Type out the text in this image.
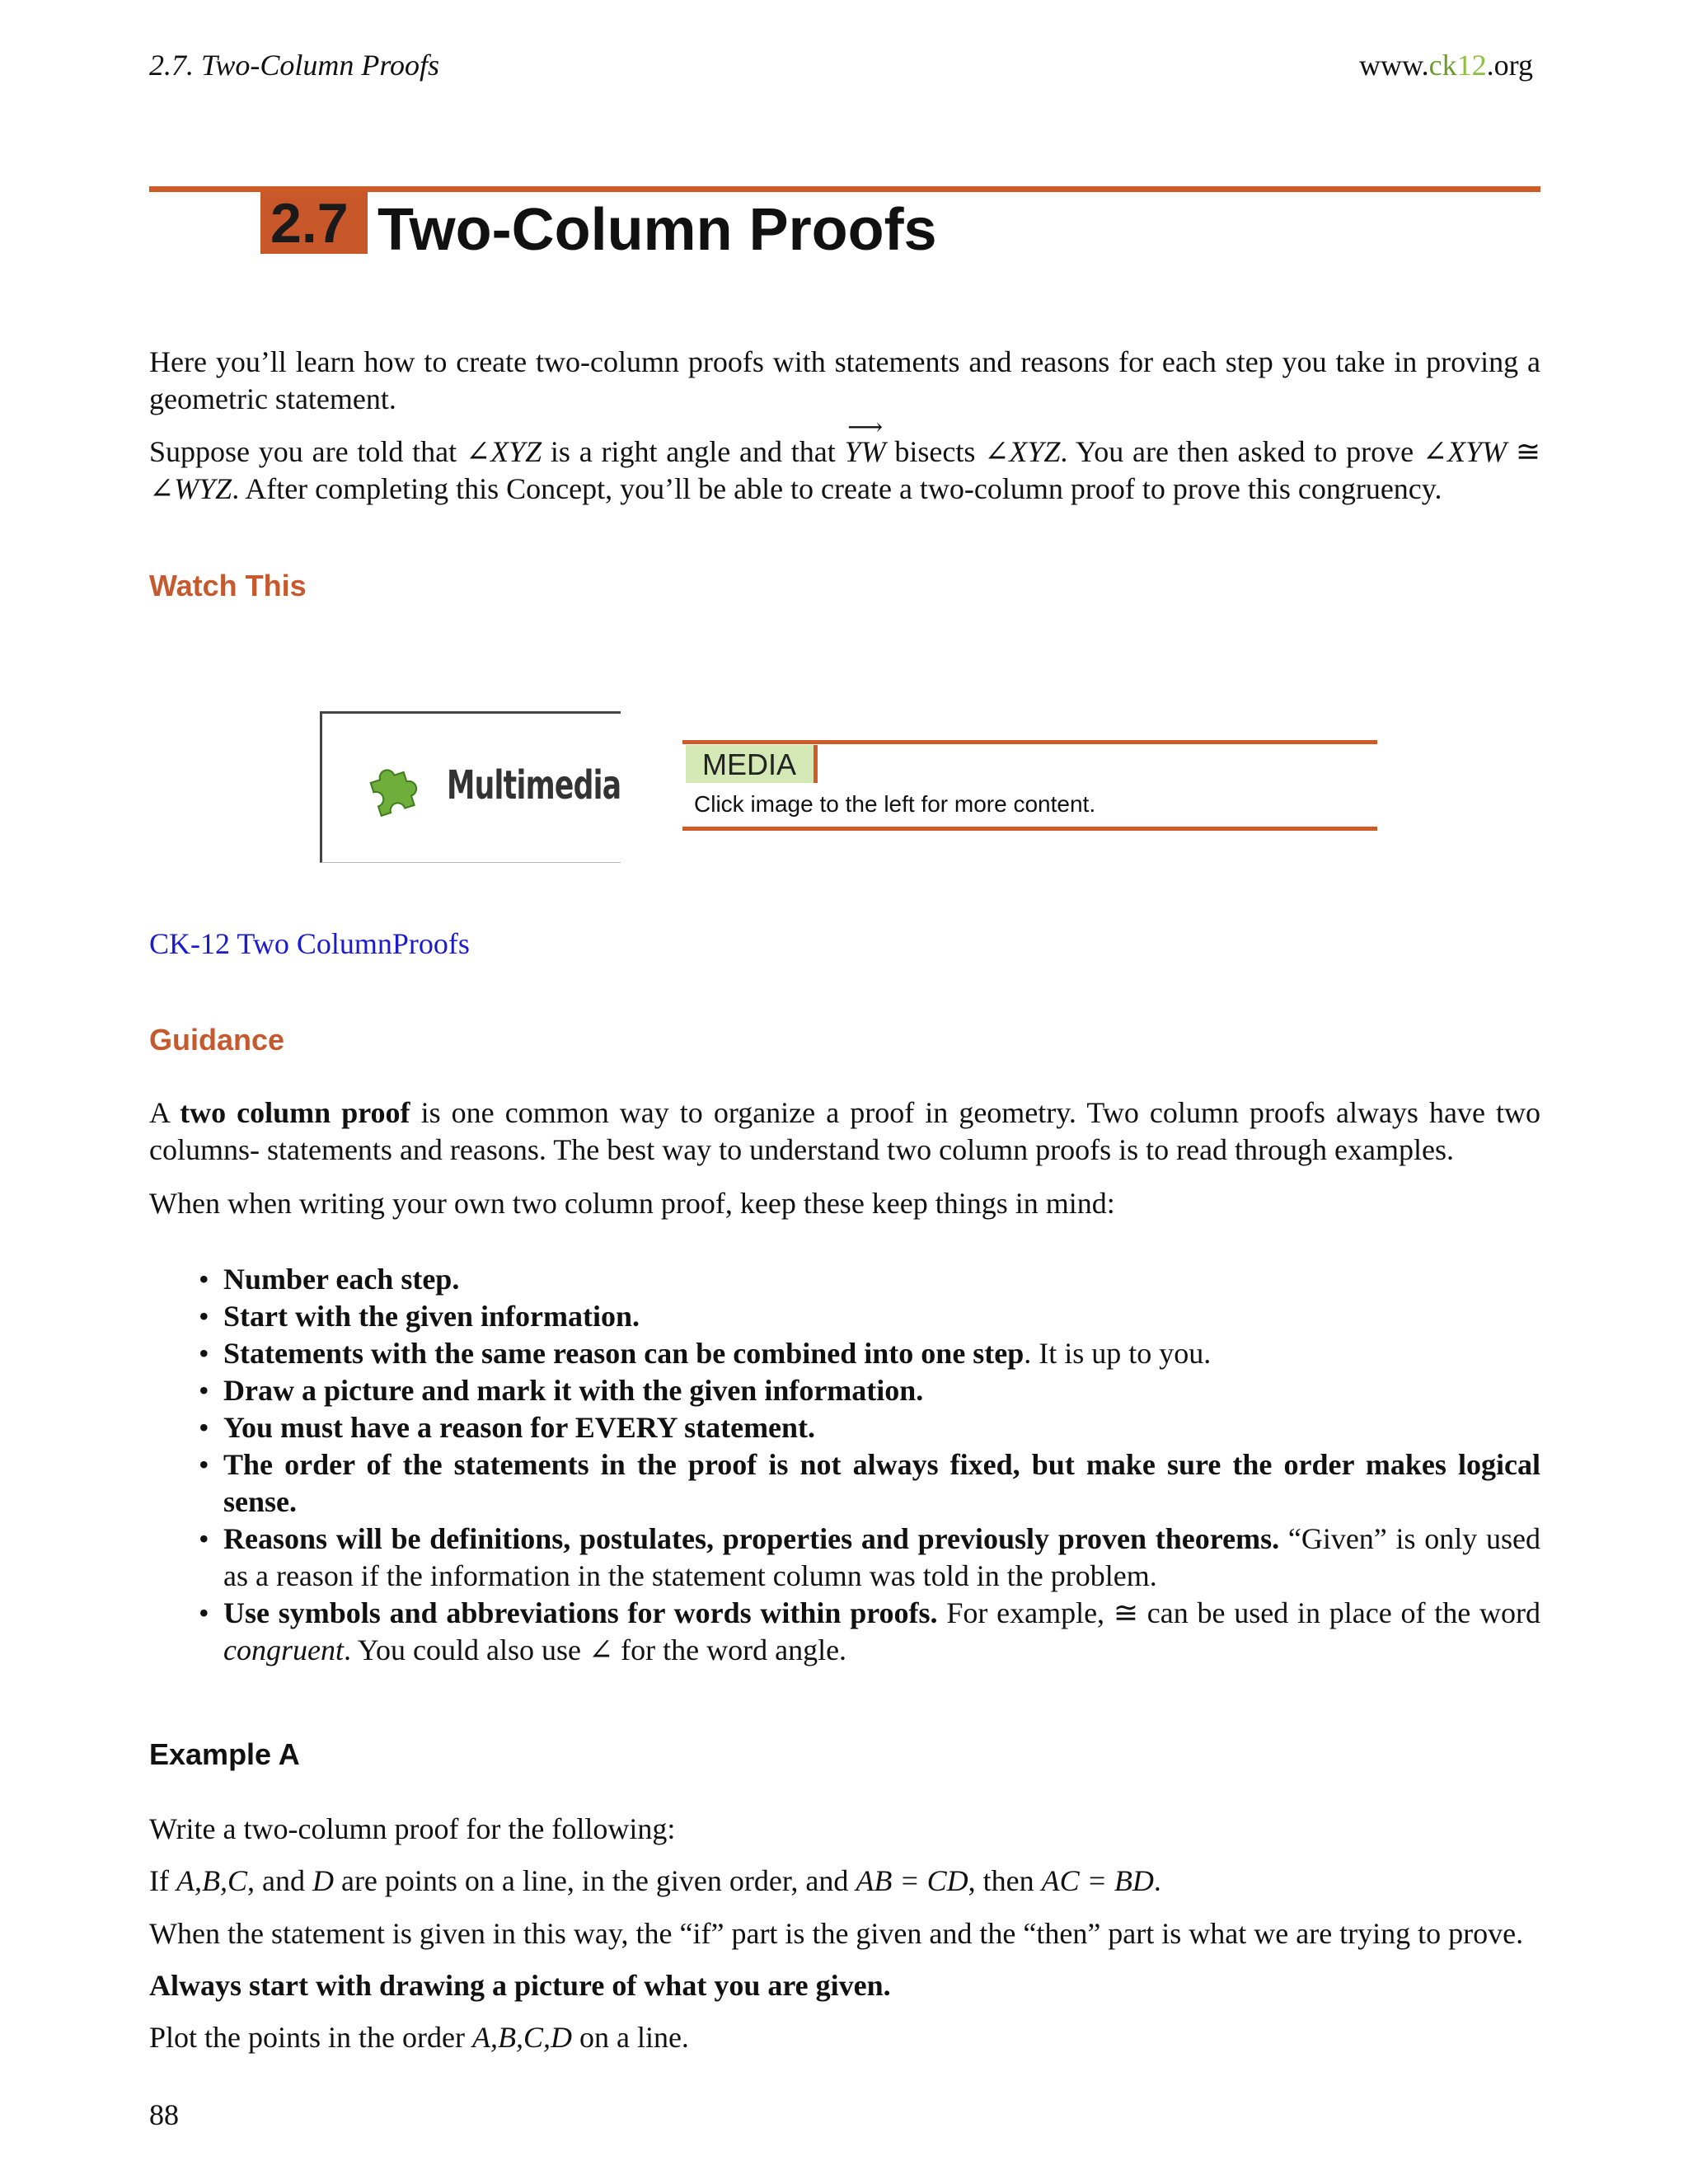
2.7. Two-Column Proofs	www.ck12.org
2.7 Two-Column Proofs
Here you’ll learn how to create two-column proofs with statements and reasons for each step you take in proving a geometric statement.
Suppose you are told that ∠XYZ is a right angle and that YW ⟶ bisects ∠XYZ. You are then asked to prove ∠XYW ≅ ∠WYZ. After completing this Concept, you’ll be able to create a two-column proof to prove this congruency.
Watch This
Multimedia	MEDIA
Click image to the left for more content.
CK-12 Two ColumnProofs
Guidance
A two column proof is one common way to organize a proof in geometry. Two column proofs always have two columns- statements and reasons. The best way to understand two column proofs is to read through examples.
When when writing your own two column proof, keep these keep things in mind:
• Number each step.
• Start with the given information.
• Statements with the same reason can be combined into one step. It is up to you.
• Draw a picture and mark it with the given information.
• You must have a reason for EVERY statement.
• The order of the statements in the proof is not always fixed, but make sure the order makes logical sense.
• Reasons will be definitions, postulates, properties and previously proven theorems. “Given” is only used as a reason if the information in the statement column was told in the problem.
• Use symbols and abbreviations for words within proofs. For example, ≅ can be used in place of the word congruent. You could also use ∠ for the word angle.
Example A
Write a two-column proof for the following:
If A,B,C, and D are points on a line, in the given order, and AB = CD, then AC = BD.
When the statement is given in this way, the “if” part is the given and the “then” part is what we are trying to prove.
Always start with drawing a picture of what you are given.
Plot the points in the order A,B,C,D on a line.
88
